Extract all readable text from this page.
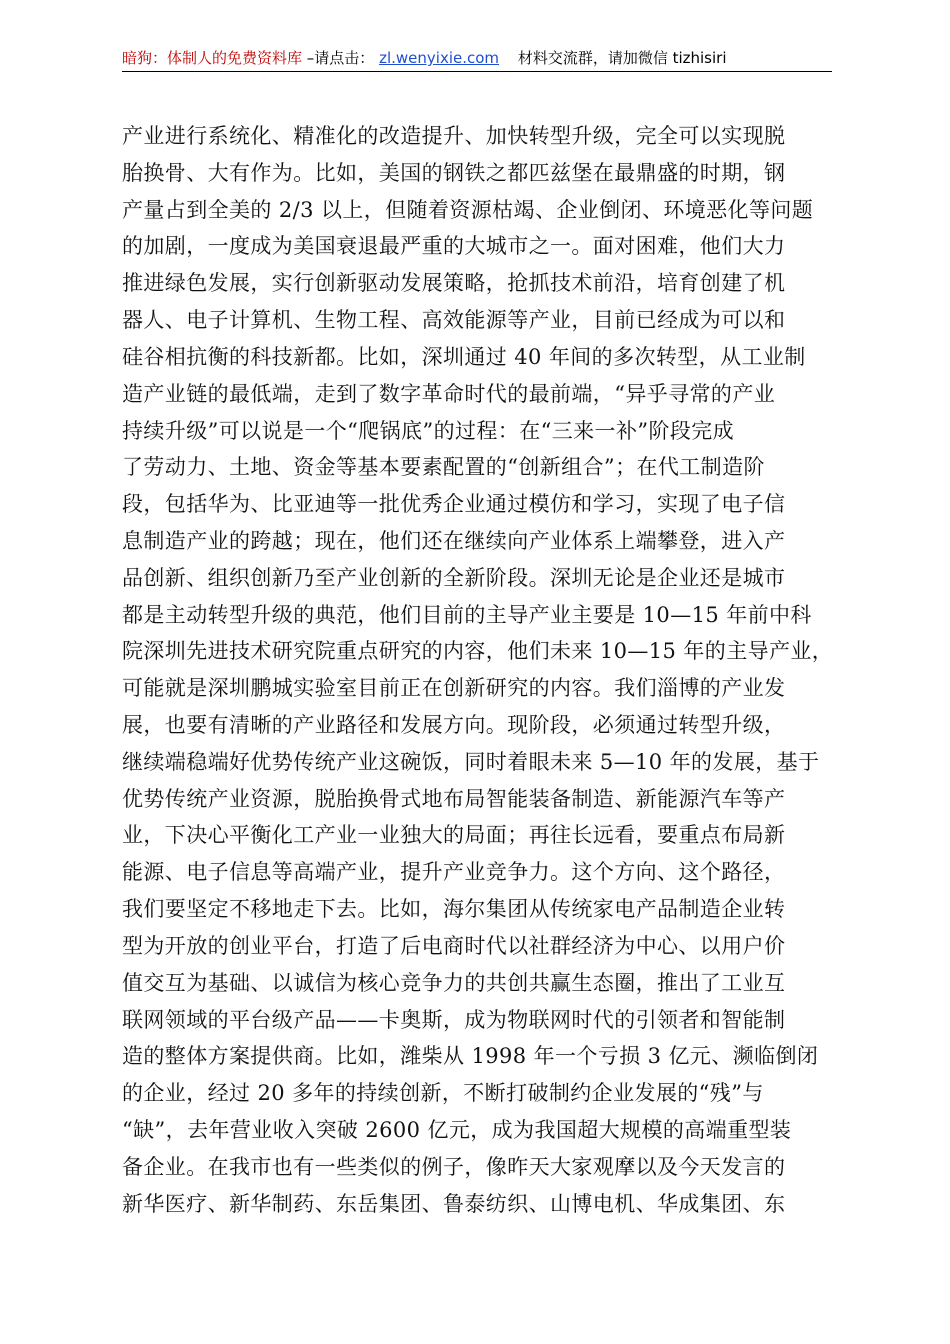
暗狗：体制人的免费资料库 –请点击： zl.wenyixie.com 材料交流群，请加微信 tizhisiri
产业进行系统化、精准化的改造提升、加快转型升级，完全可以实现脱
胎换骨、大有作为。比如，美国的钢铁之都匹兹堡在最鼎盛的时期，钢
产量占到全美的 2/3 以上，但随着资源枯竭、企业倒闭、环境恶化等问题
的加剧，一度成为美国衰退最严重的大城市之一。面对困难，他们大力
推进绿色发展，实行创新驱动发展策略，抢抓技术前沿，培育创建了机
器人、电子计算机、生物工程、高效能源等产业，目前已经成为可以和
硅谷相抗衡的科技新都。比如，深圳通过 40 年间的多次转型，从工业制
造产业链的最低端，走到了数字革命时代的最前端，“异乎寻常的产业
持续升级”可以说是一个“爬锅底”的过程：在“三来一补”阶段完成
了劳动力、土地、资金等基本要素配置的“创新组合”；在代工制造阶
段，包括华为、比亚迪等一批优秀企业通过模仿和学习，实现了电子信
息制造产业的跨越；现在，他们还在继续向产业体系上端攀登，进入产
品创新、组织创新乃至产业创新的全新阶段。深圳无论是企业还是城市
都是主动转型升级的典范，他们目前的主导产业主要是 10—15 年前中科
院深圳先进技术研究院重点研究的内容，他们未来 10—15 年的主导产业，
可能就是深圳鹏城实验室目前正在创新研究的内容。我们淄博的产业发
展，也要有清晰的产业路径和发展方向。现阶段，必须通过转型升级，
继续端稳端好优势传统产业这碗饭，同时着眼未来 5—10 年的发展，基于
优势传统产业资源，脱胎换骨式地布局智能装备制造、新能源汽车等产
业，下决心平衡化工产业一业独大的局面；再往长远看，要重点布局新
能源、电子信息等高端产业，提升产业竞争力。这个方向、这个路径，
我们要坚定不移地走下去。比如，海尔集团从传统家电产品制造企业转
型为开放的创业平台，打造了后电商时代以社群经济为中心、以用户价
值交互为基础、以诚信为核心竞争力的共创共赢生态圈，推出了工业互
联网领域的平台级产品——卡奥斯，成为物联网时代的引领者和智能制
造的整体方案提供商。比如，潍柴从 1998 年一个亏损 3 亿元、濒临倒闭
的企业，经过 20 多年的持续创新，不断打破制约企业发展的“残”与
“缺”，去年营业收入突破 2600 亿元，成为我国超大规模的高端重型装
备企业。在我市也有一些类似的例子，像昨天大家观摩以及今天发言的
新华医疗、新华制药、东岳集团、鲁泰纺织、山博电机、华成集团、东
